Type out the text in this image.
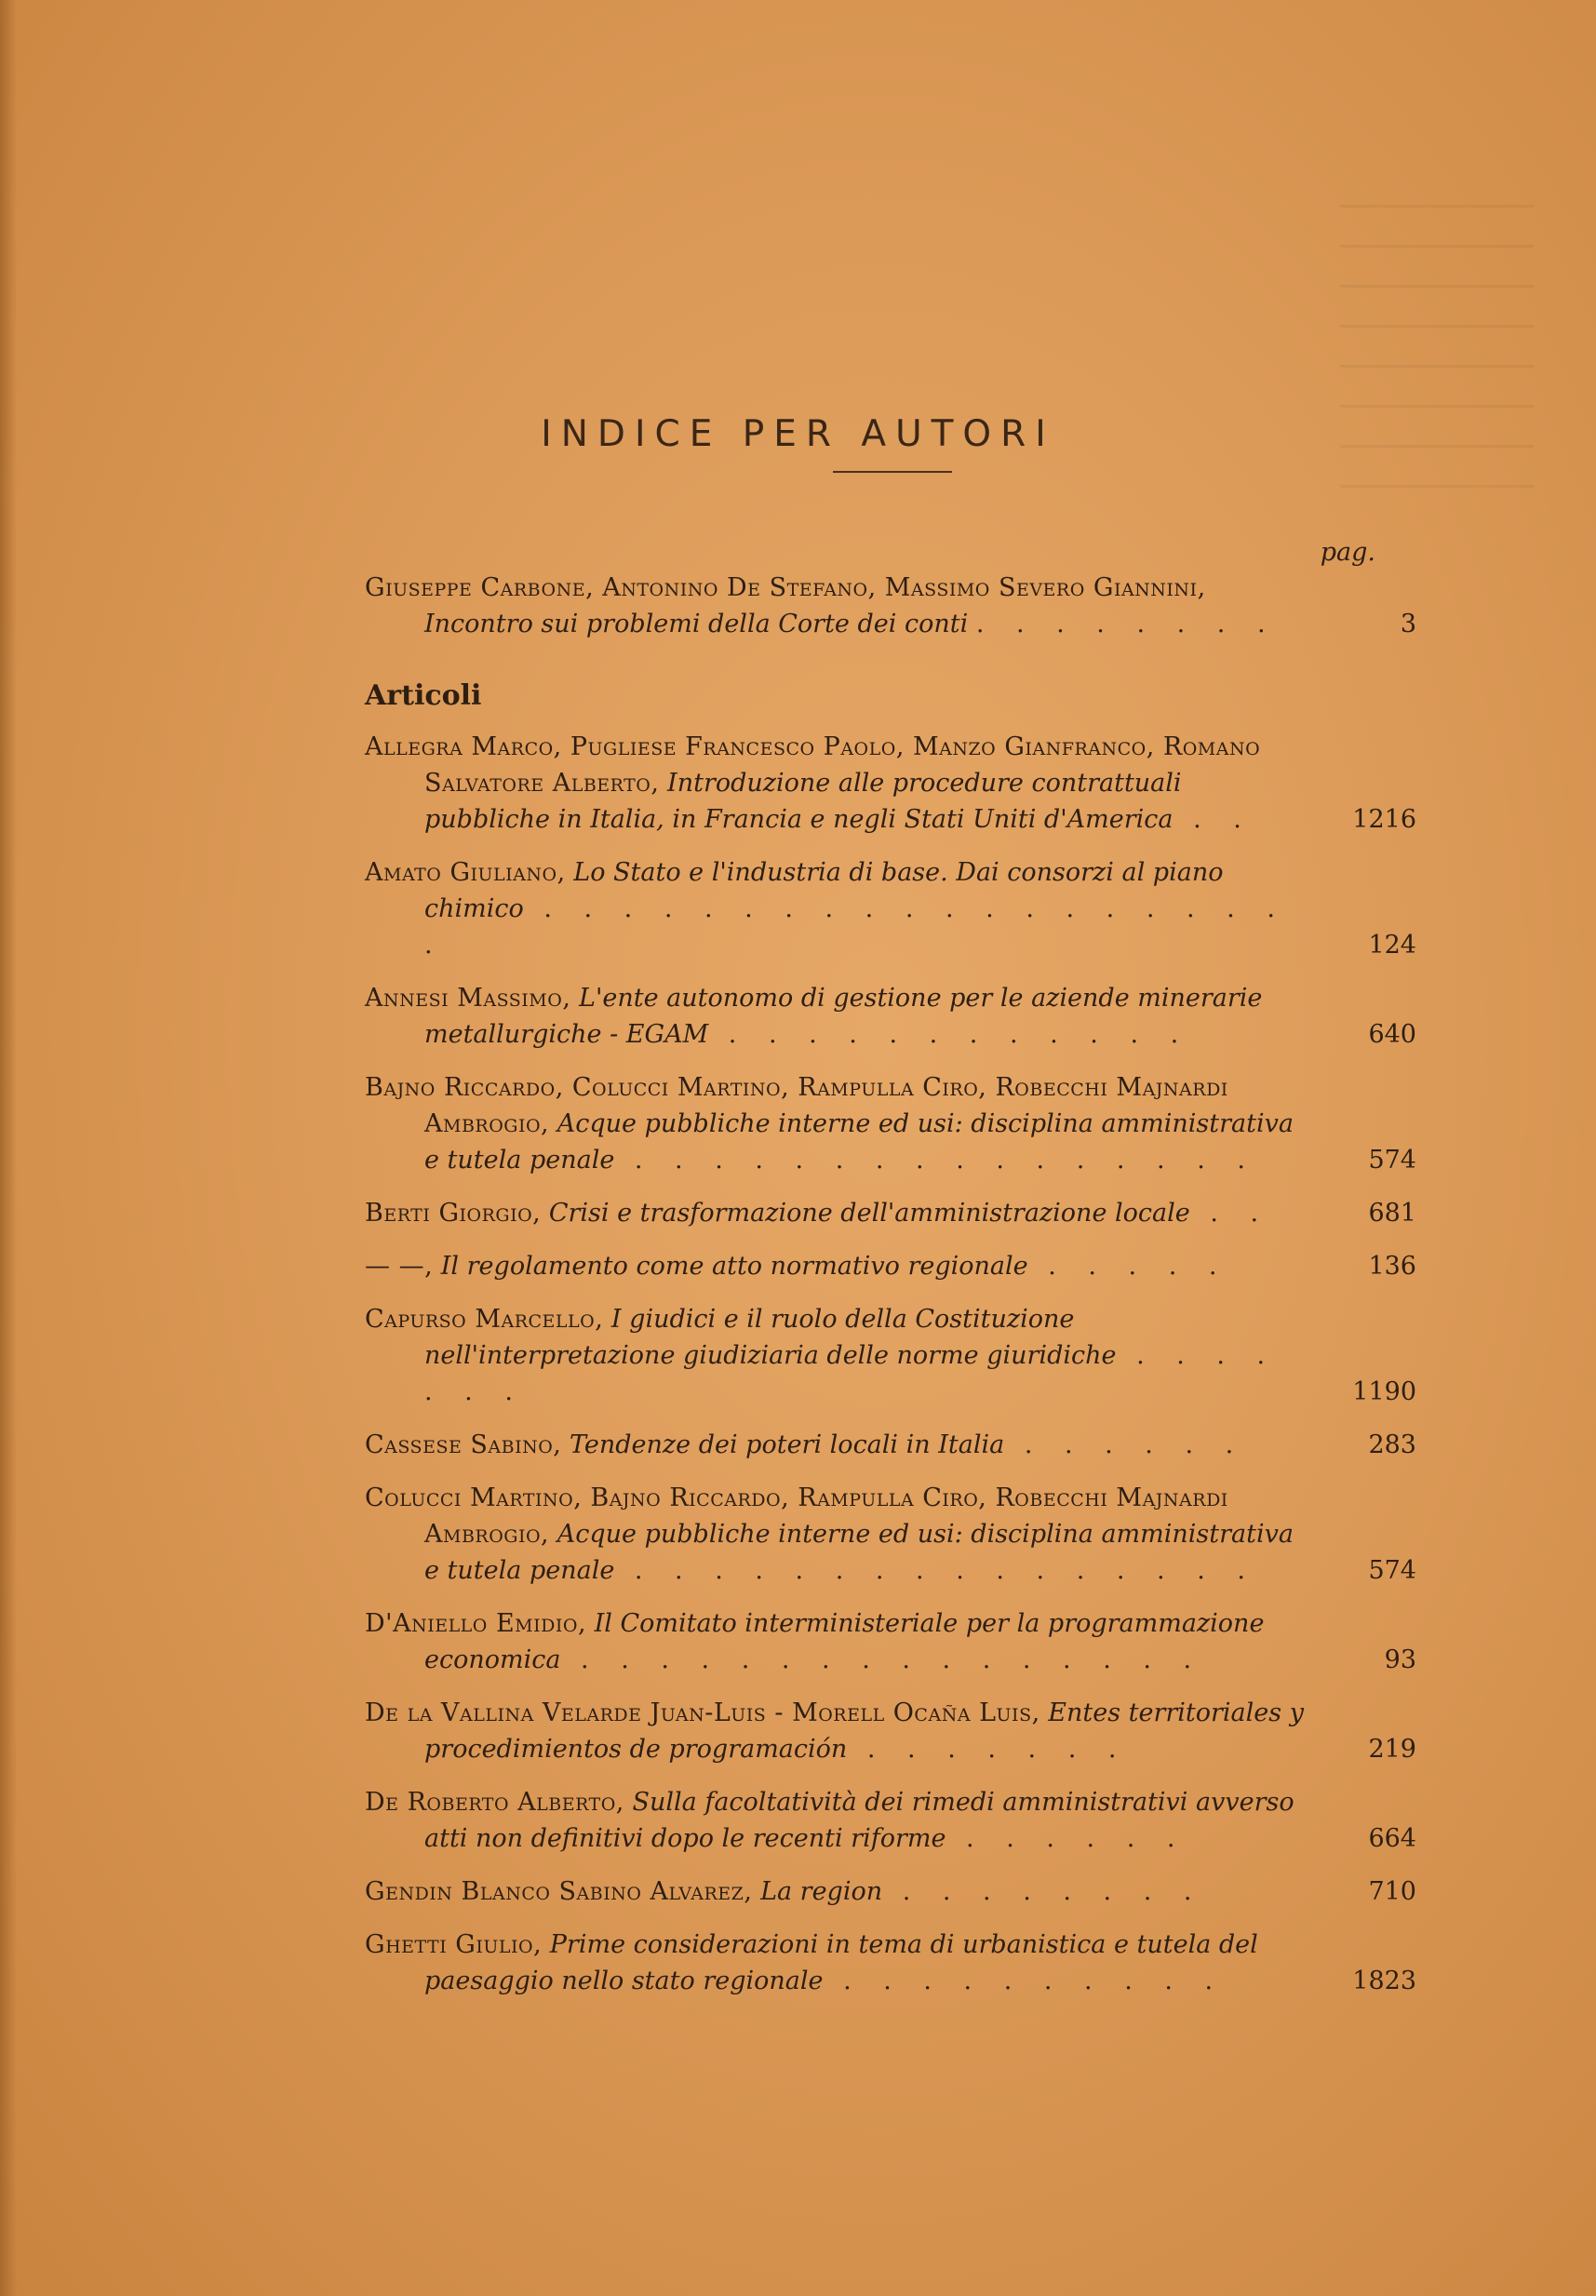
INDICE PER AUTORI
pag.
Giuseppe Carbone, Antonino De Stefano, Massimo Severo Giannini, Incontro sui problemi della Corte dei conti . . . . . . . .	3
Articoli
Allegra Marco, Pugliese Francesco Paolo, Manzo Gianfranco, Romano Salvatore Alberto, Introduzione alle procedure contrattuali pubbliche in Italia, in Francia e negli Stati Uniti d'America . .	1216
Amato Giuliano, Lo Stato e l'industria di base. Dai consorzi al piano chimico . . . . . . . . . . . . . . . . . . . .	124
Annesi Massimo, L'ente autonomo di gestione per le aziende minerarie metallurgiche - EGAM . . . . . . . . . . . .	640
Bajno Riccardo, Colucci Martino, Rampulla Ciro, Robecchi Majnardi Ambrogio, Acque pubbliche interne ed usi: disciplina amministrativa e tutela penale . . . . . . . . . . . . . . . .	574
Berti Giorgio, Crisi e trasformazione dell'amministrazione locale . .	681
— —, Il regolamento come atto normativo regionale . . . . .	136
Capurso Marcello, I giudici e il ruolo della Costituzione nell'interpretazione giudiziaria delle norme giuridiche . . . . . . .	1190
Cassese Sabino, Tendenze dei poteri locali in Italia . . . . . .	283
Colucci Martino, Bajno Riccardo, Rampulla Ciro, Robecchi Majnardi Ambrogio, Acque pubbliche interne ed usi: disciplina amministrativa e tutela penale . . . . . . . . . . . . . . . .	574
D'Aniello Emidio, Il Comitato interministeriale per la programmazione economica . . . . . . . . . . . . . . . .	93
De la Vallina Velarde Juan-Luis - Morell Ocaña Luis, Entes territoriales y procedimientos de programación . . . . . . .	219
De Roberto Alberto, Sulla facoltatività dei rimedi amministrativi avverso atti non definitivi dopo le recenti riforme . . . . . .	664
Gendin Blanco Sabino Alvarez, La region . . . . . . . .	710
Ghetti Giulio, Prime considerazioni in tema di urbanistica e tutela del paesaggio nello stato regionale . . . . . . . . . .	1823
